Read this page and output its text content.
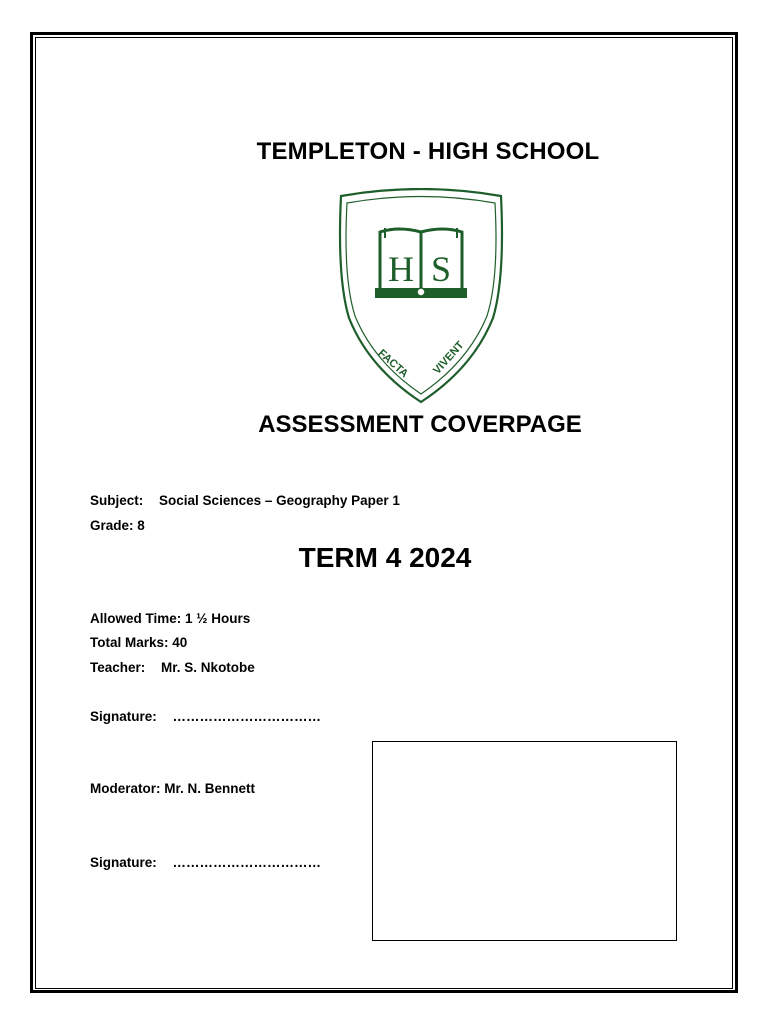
TEMPLETON - HIGH SCHOOL
H S
FACTA VIVENT
ASSESSMENT COVERPAGE
Subject: Social Sciences – Geography Paper 1
Grade: 8
TERM 4 2024
Allowed Time: 1 ½ Hours
Total Marks: 40
Teacher: Mr. S. Nkotobe
Signature: ……………………………
Moderator: Mr. N. Bennett
Signature: ……………………………
